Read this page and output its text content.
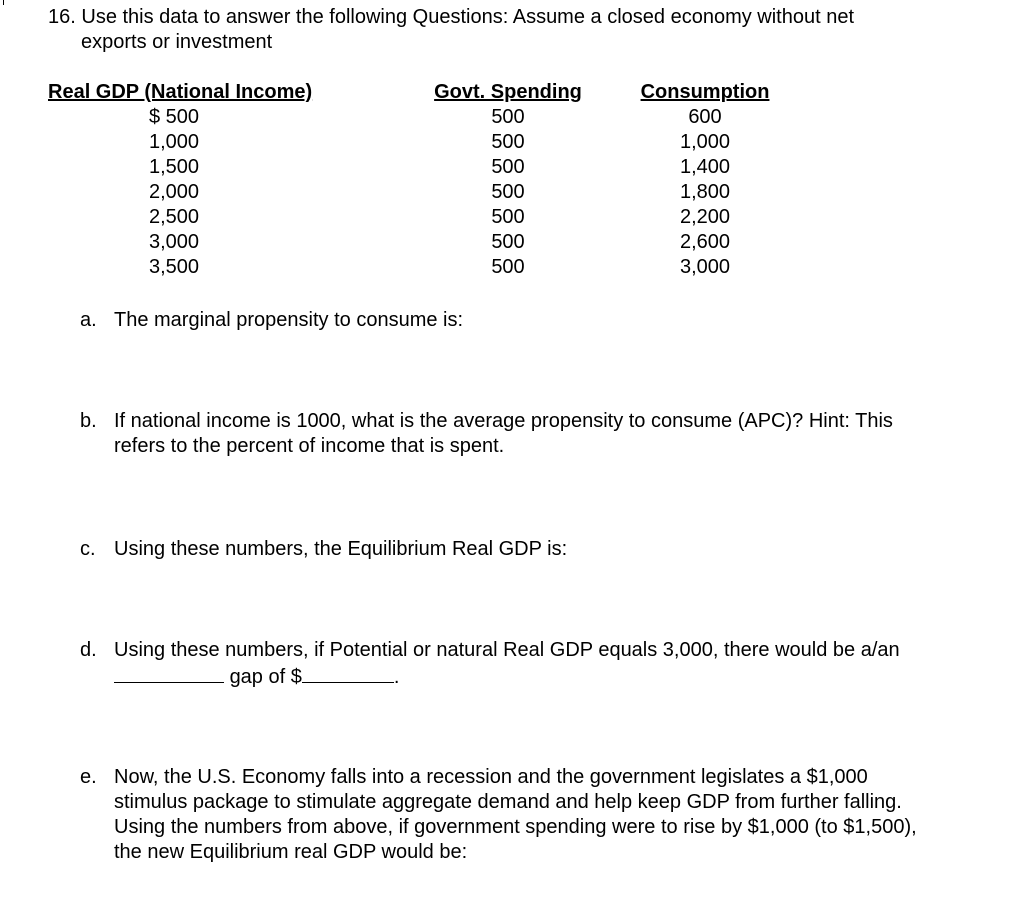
16. Use this data to answer the following Questions: Assume a closed economy without net
exports or investment
Real GDP (National Income)
$ 500
1,000
1,500
2,000
2,500
3,000
3,500
Govt. Spending
500
500
500
500
500
500
500
Consumption
600
1,000
1,400
1,800
2,200
2,600
3,000
a. The marginal propensity to consume is:
b. If national income is 1000, what is the average propensity to consume (APC)? Hint: This
refers to the percent of income that is spent.
c. Using these numbers, the Equilibrium Real GDP is:
d. Using these numbers, if Potential or natural Real GDP equals 3,000, there would be a/an
gap of $	.
e. Now, the U.S. Economy falls into a recession and the government legislates a $1,000
stimulus package to stimulate aggregate demand and help keep GDP from further falling.
Using the numbers from above, if government spending were to rise by $1,000 (to $1,500),
the new Equilibrium real GDP would be:
